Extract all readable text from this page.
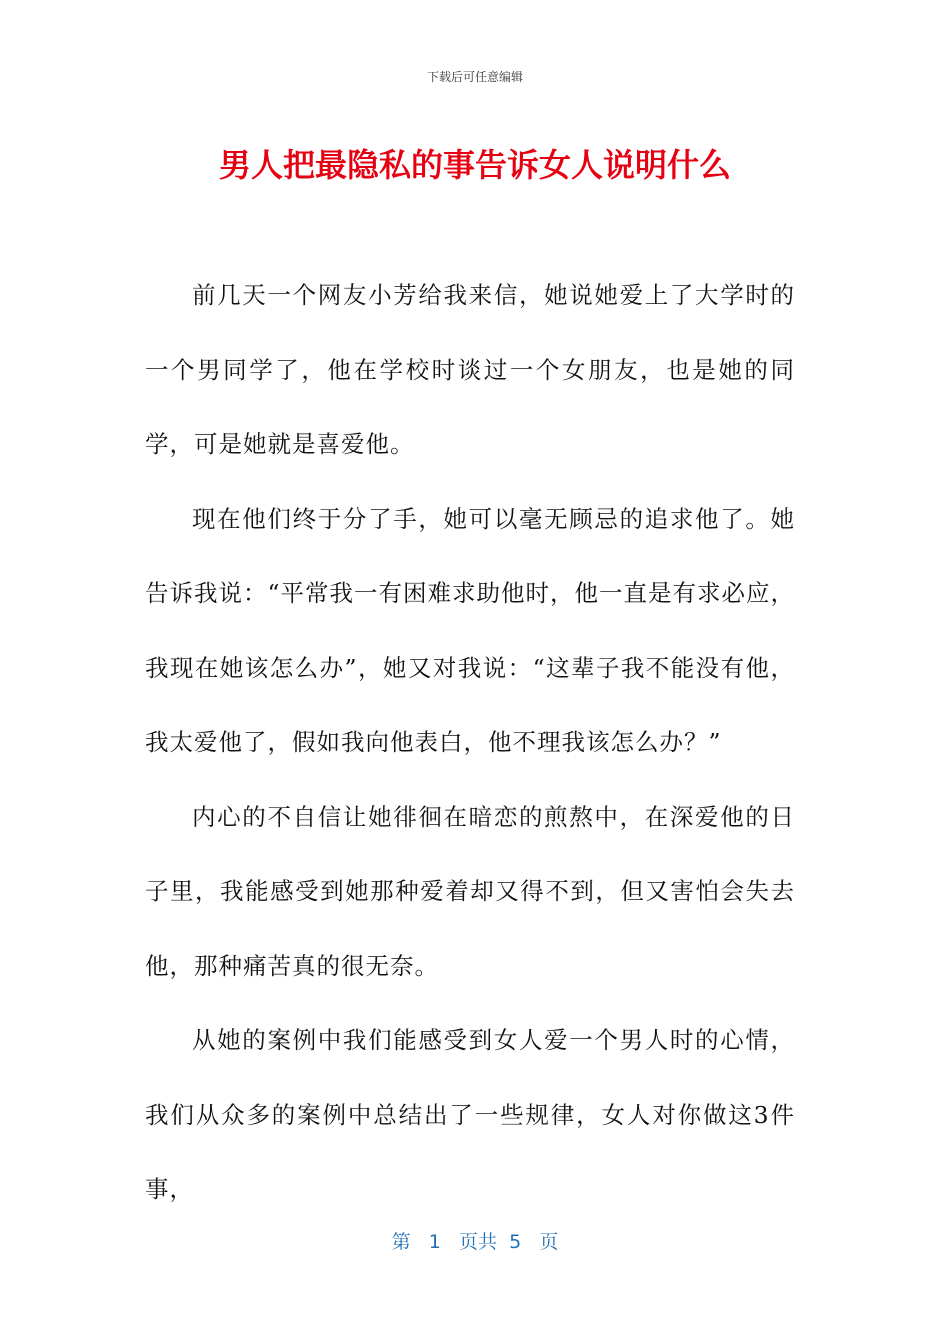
下载后可任意编辑
男人把最隐私的事告诉女人说明什么

前几天一个网友小芳给我来信，她说她爱上了大学时的一个男同学了，他在学校时谈过一个女朋友，也是她的同学，可是她就是喜爱他。

现在他们终于分了手，她可以毫无顾忌的追求他了。她告诉我说：“平常我一有困难求助他时，他一直是有求必应，我现在她该怎么办”，她又对我说：“这辈子我不能没有他，我太爱他了，假如我向他表白，他不理我该怎么办？”

内心的不自信让她徘徊在暗恋的煎熬中，在深爱他的日子里，我能感受到她那种爱着却又得不到，但又害怕会失去他，那种痛苦真的很无奈。

从她的案例中我们能感受到女人爱一个男人时的心情，我们从众多的案例中总结出了一些规律，女人对你做这3件事，

第 1 页共 5 页
